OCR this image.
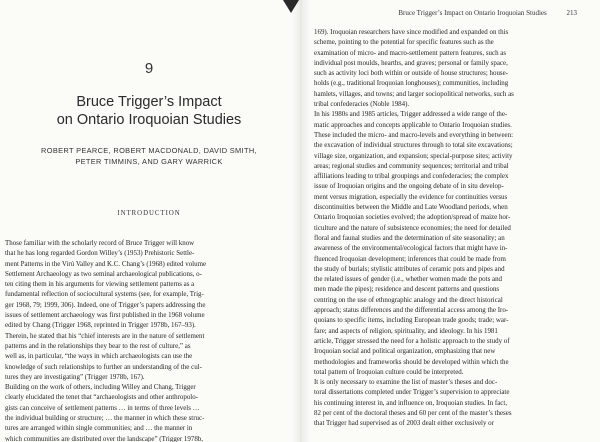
9
Bruce Trigger’s Impact
on Ontario Iroquoian Studies
ROBERT PEARCE, ROBERT MACDONALD, DAVID SMITH,
PETER TIMMINS, AND GARY WARRICK
INTRODUCTION
Those familiar with the scholarly record of Bruce Trigger will know
that he has long regarded Gordon Willey’s (1953) Prehistoric Settle-
ment Patterns in the Virú Valley and K.C. Chang’s (1968) edited volume
Settlement Archaeology as two seminal archaeological publications, o-
ten citing them in his arguments for viewing settlement patterns as a
fundamental reflection of sociocultural systems (see, for example, Trig-
ger 1968, 79; 1999, 306). Indeed, one of Trigger’s papers addressing the
issues of settlement archaeology was first published in the 1968 volume
edited by Chang (Trigger 1968, reprinted in Trigger 1978b, 167–93).
Therein, he stated that his “chief interests are in the nature of settlement
patterns and in the relationships they bear to the rest of culture,” as
well as, in particular, “the ways in which archaeologists can use the
knowledge of such relationships to further an understanding of the cul-
tures they are investigating” (Trigger 1978b, 167).
Building on the work of others, including Willey and Chang, Trigger
clearly elucidated the tenet that “archaeologists and other anthropolo-
gists can conceive of settlement patterns … in terms of three levels …
the individual building or structure; … the manner in which these struc-
tures are arranged within single communities; and … the manner in
which communities are distributed over the landscape” (Trigger 1978b,
Bruce Trigger’s Impact on Ontario Iroquoian Studies	213
169). Iroquoian researchers have since modified and expanded on this
scheme, pointing to the potential for specific features such as the
examination of micro- and macro-settlement pattern features, such as
individual post moulds, hearths, and graves; personal or family space,
such as activity loci both within or outside of house structures; house-
holds (e.g., traditional Iroquoian longhouses); communities, including
hamlets, villages, and towns; and larger sociopolitical networks, such as
tribal confederacies (Noble 1984).
In his 1980s and 1985 articles, Trigger addressed a wide range of the-
matic approaches and concepts applicable to Ontario Iroquoian studies.
These included the micro- and macro-levels and everything in between:
the excavation of individual structures through to total site excavations;
village size, organization, and expansion; special-purpose sites; activity
areas; regional studies and community sequences; territorial and tribal
affiliations leading to tribal groupings and confederacies; the complex
issue of Iroquoian origins and the ongoing debate of in situ develop-
ment versus migration, especially the evidence for continuities versus
discontinuities between the Middle and Late Woodland periods, when
Ontario Iroquoian societies evolved; the adoption/spread of maize hor-
ticulture and the nature of subsistence economies; the need for detailed
floral and faunal studies and the determination of site seasonality; an
awareness of the environmental/ecological factors that might have in-
fluenced Iroquoian development; inferences that could be made from
the study of burials; stylistic attributes of ceramic pots and pipes and
the related issues of gender (i.e., whether women made the pots and
men made the pipes); residence and descent patterns and questions
centring on the use of ethnographic analogy and the direct historical
approach; status differences and the differential access among the Iro-
quoians to specific items, including European trade goods; trade; war-
fare; and aspects of religion, spirituality, and ideology. In his 1981
article, Trigger stressed the need for a holistic approach to the study of
Iroquoian social and political organization, emphasizing that new
methodologies and frameworks should be developed within which the
total pattern of Iroquoian culture could be interpreted.
It is only necessary to examine the list of master’s theses and doc-
toral dissertations completed under Trigger’s supervision to appreciate
his continuing interest in, and influence on, Iroquoian studies. In fact,
82 per cent of the doctoral theses and 60 per cent of the master’s theses
that Trigger had supervised as of 2003 dealt either exclusively or
